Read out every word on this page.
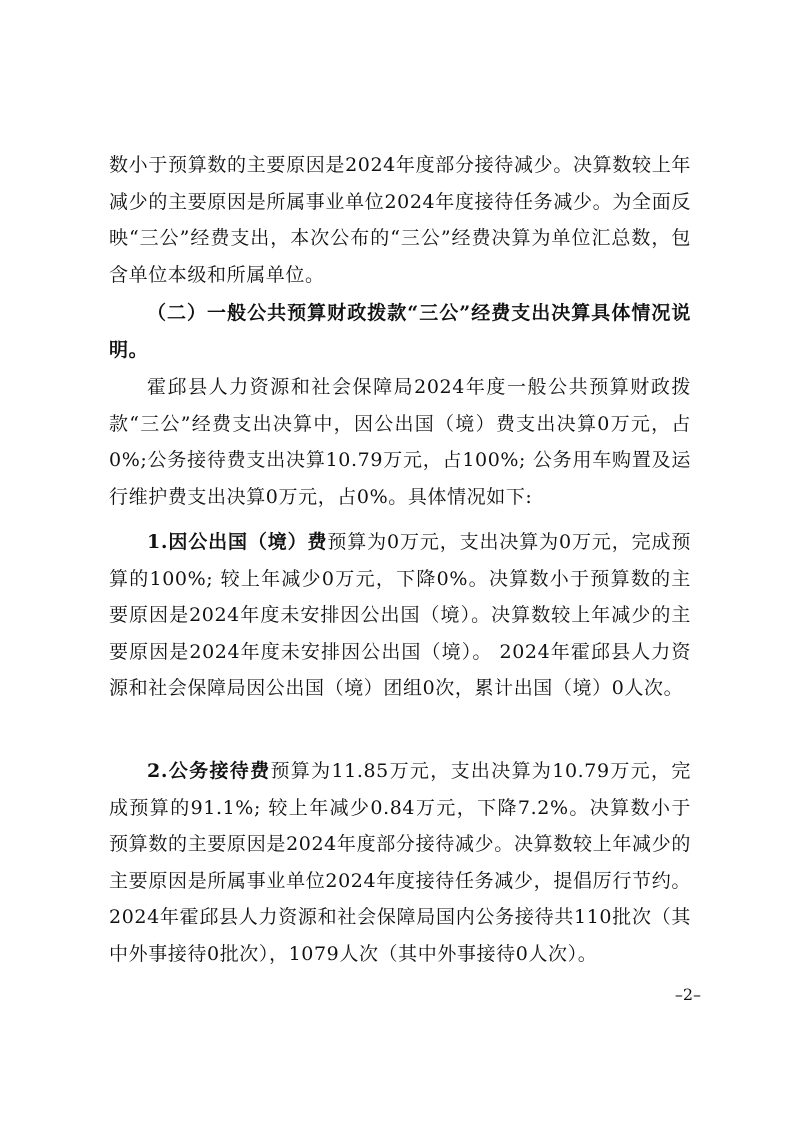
数小于预算数的主要原因是2024年度部分接待减少。决算数较上年减少的主要原因是所属事业单位2024年度接待任务减少。为全面反映“三公”经费支出，本次公布的“三公”经费决算为单位汇总数，包含单位本级和所属单位。

（二）一般公共预算财政拨款“三公”经费支出决算具体情况说明。

霍邱县人力资源和社会保障局2024年度一般公共预算财政拨款“三公”经费支出决算中，因公出国（境）费支出决算0万元，占0%;公务接待费支出决算10.79万元，占100%; 公务用车购置及运行维护费支出决算0万元，占0%。具体情况如下:

1.因公出国（境）费预算为0万元，支出决算为0万元，完成预算的100%; 较上年减少0万元，下降0%。决算数小于预算数的主要原因是2024年度未安排因公出国（境）。决算数较上年减少的主要原因是2024年度未安排因公出国（境）。 2024年霍邱县人力资源和社会保障局因公出国（境）团组0次，累计出国（境）0人次。

2.公务接待费预算为11.85万元，支出决算为10.79万元，完成预算的91.1%; 较上年减少0.84万元，下降7.2%。决算数小于预算数的主要原因是2024年度部分接待减少。决算数较上年减少的主要原因是所属事业单位2024年度接待任务减少，提倡厉行节约。2024年霍邱县人力资源和社会保障局国内公务接待共110批次（其中外事接待0批次），1079人次（其中外事接待0人次）。

–2–
